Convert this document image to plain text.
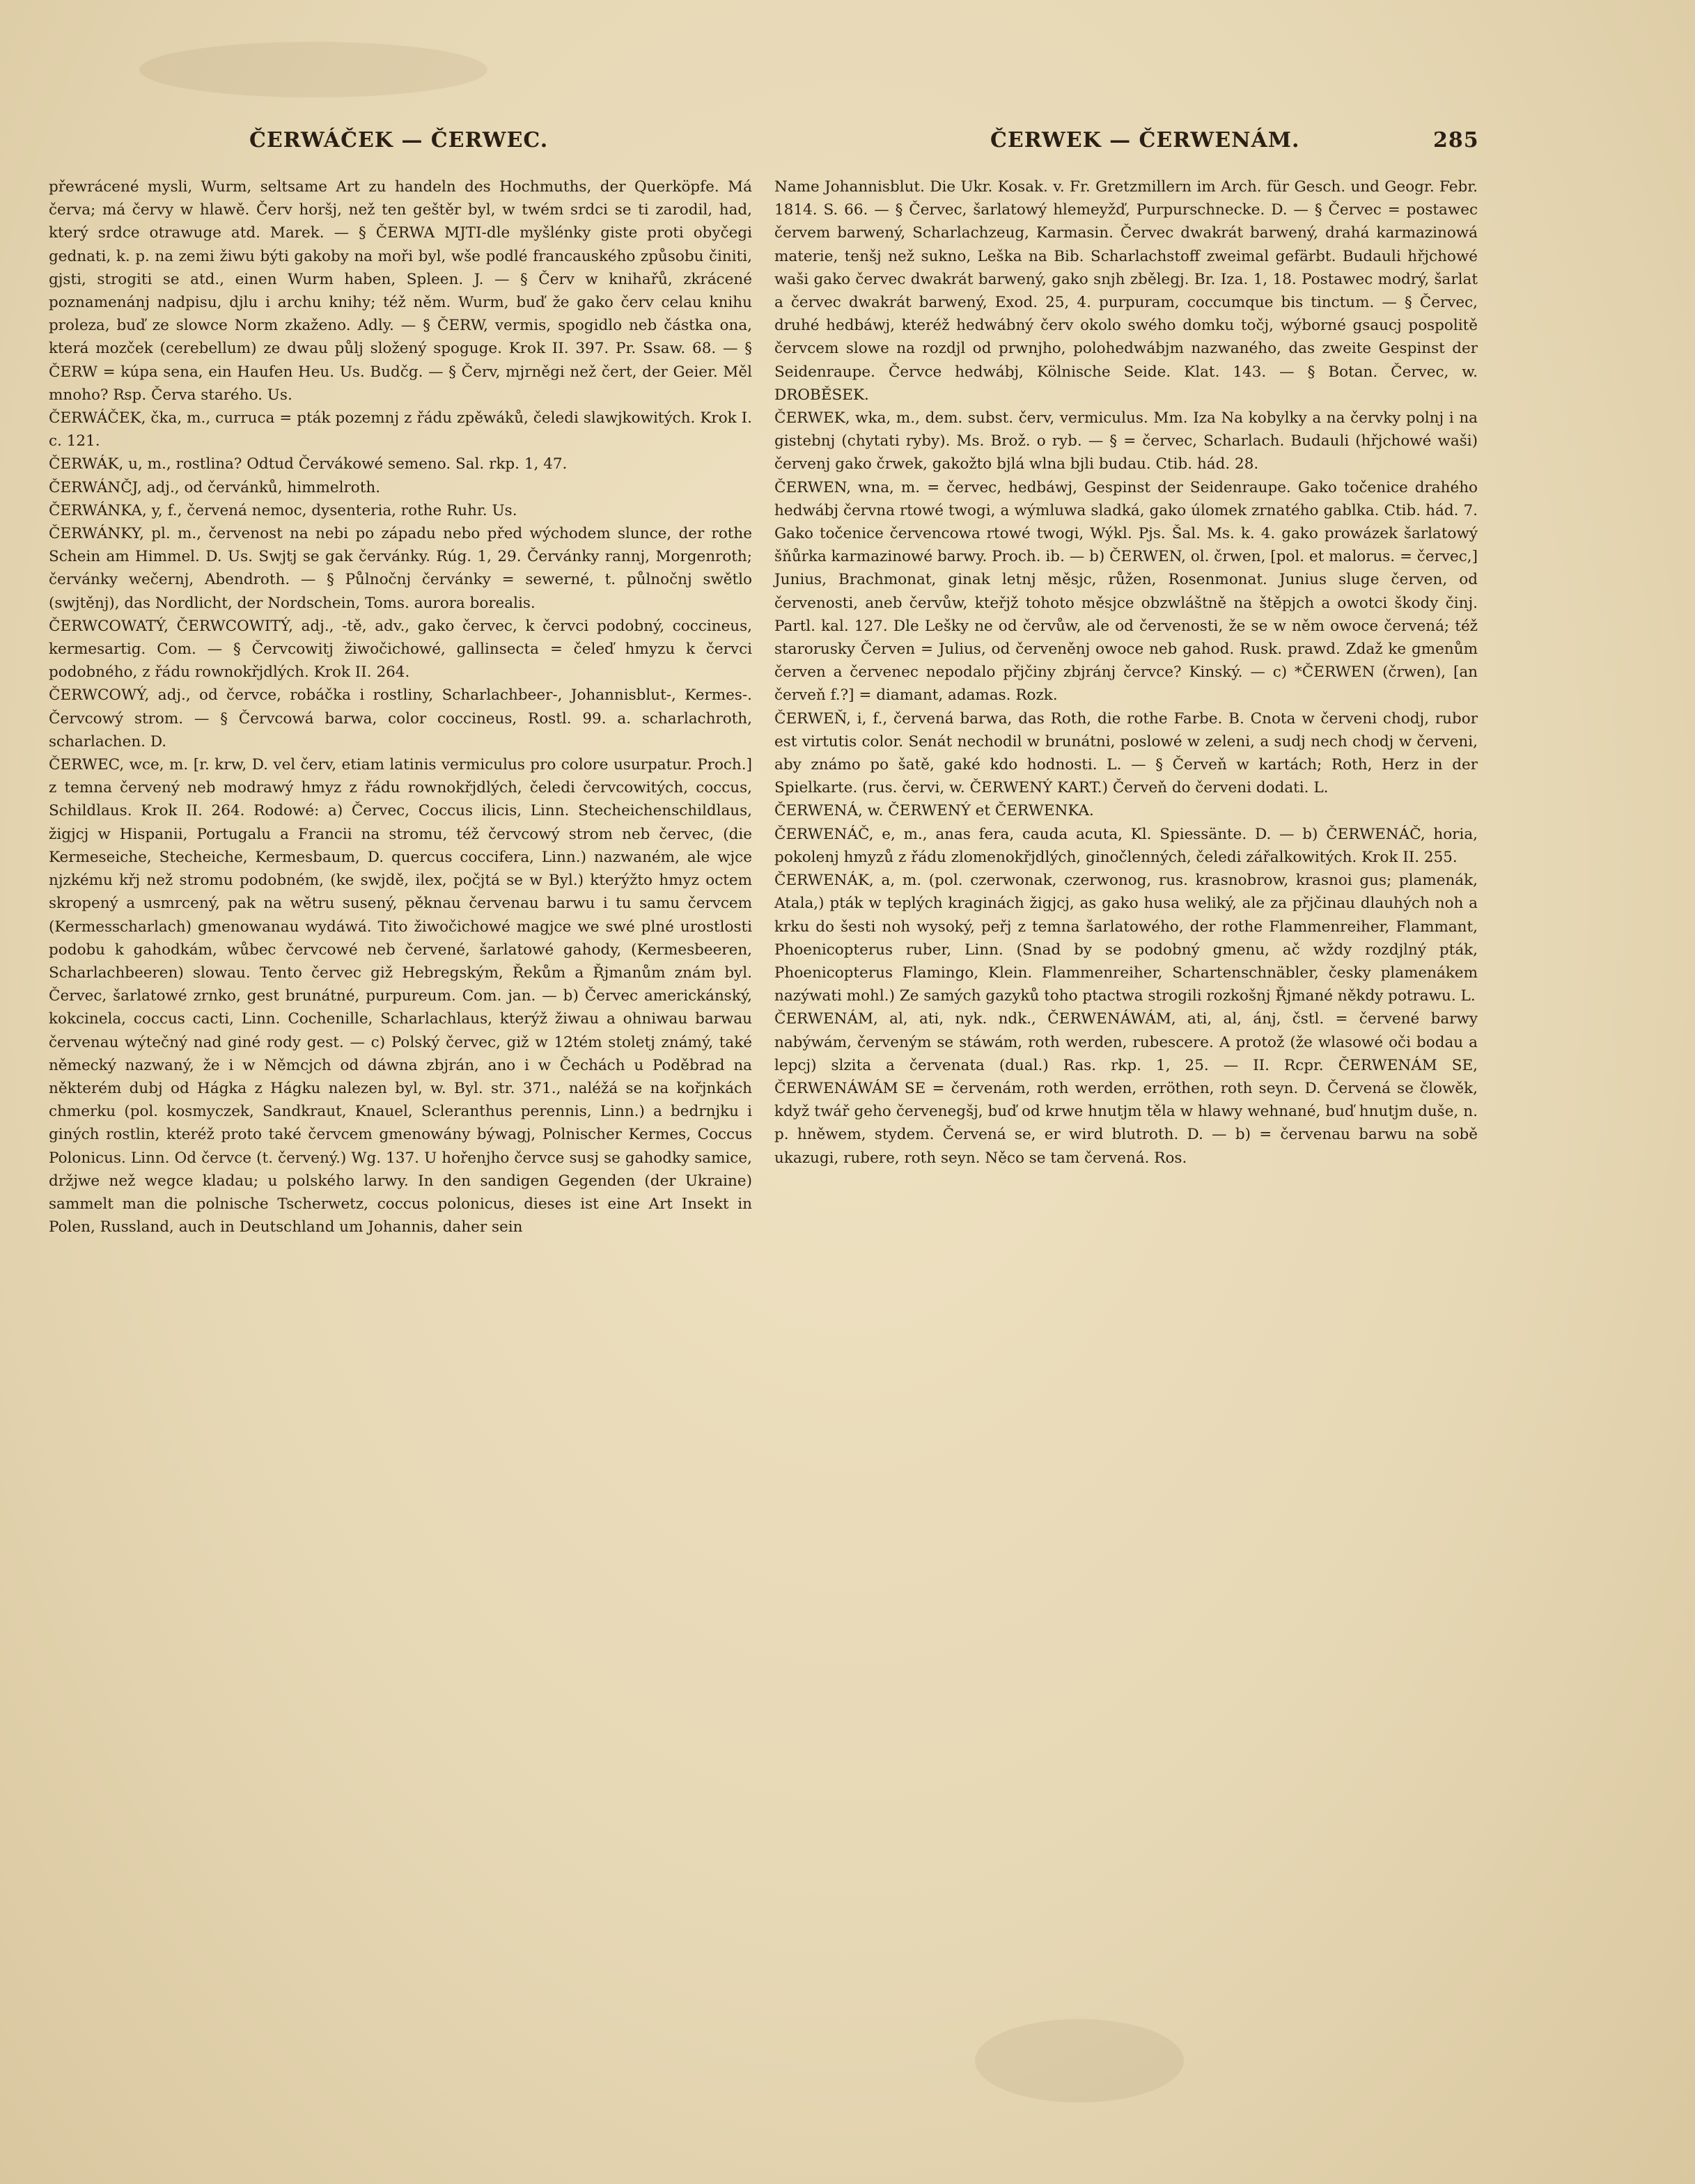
ČERWÁČEK — ČERWEC.	ČERWEK — ČERWENÁM.	285

přewrácené mysli, Wurm, seltsame Art zu handeln des Hochmuths, der Querköpfe. Má červa; má červy w hlawě. Červ horšj, než ten geštěr byl, w twém srdci se ti zarodil, had, který srdce otrawuge atd. Marek. — § ČERWA MJTI-dle myšlénky giste proti obyčegi gednati, k. p. na zemi žiwu býti gakoby na moři byl, wše podlé francauského způsobu činiti, gjsti, strogiti se atd., einen Wurm haben, Spleen. J. — § Červ w knihařů, zkrácené poznamenánj nadpisu, djlu i archu knihy; též něm. Wurm, buď že gako červ celau knihu proleza, buď ze slowce Norm zkaženo. Adly. — § ČERW, vermis, spogidlo neb částka ona, která mozček (cerebellum) ze dwau půlj složený spoguge. Krok II. 397. Pr. Ssaw. 68. — § ČERW = kúpa sena, ein Haufen Heu. Us. Budčg. — § Červ, mjrněgi než čert, der Geier. Měl mnoho? Rsp. Červa starého. Us.

ČERWÁČEK, čka, m., curruca = pták pozemnj z řádu zpěwáků, čeledi slawjkowitých. Krok I. c. 121.

ČERWÁK, u, m., rostlina? Odtud Červákowé semeno. Sal. rkp. 1, 47.

ČERWÁNČJ, adj., od červánků, himmelroth.

ČERWÁNKA, y, f., červená nemoc, dysenteria, rothe Ruhr. Us.

ČERWÁNKY, pl. m., červenost na nebi po západu nebo před wýchodem slunce, der rothe Schein am Himmel. D. Us. Swjtj se gak červánky. Rúg. 1, 29. Červánky rannj, Morgenroth; červánky wečernj, Abendroth. — § Půlnočnj červánky = sewerné, t. půlnočnj swětlo (swjtěnj), das Nordlicht, der Nordschein, Toms. aurora borealis.

ČERWCOWATÝ, ČERWCOWITÝ, adj., -tě, adv., gako červec, k červci podobný, coccineus, kermesartig. Com. — § Červcowitj žiwočichowé, gallinsecta = čeleď hmyzu k červci podobného, z řádu rownokřjdlých. Krok II. 264.

ČERWCOWÝ, adj., od červce, robáčka i rostliny, Scharlachbeer-, Johannisblut-, Kermes-. Červcowý strom. — § Červcowá barwa, color coccineus, Rostl. 99. a. scharlachroth, scharlachen. D.

ČERWEC, wce, m. [r. krw, D. vel červ, etiam latinis vermiculus pro colore usurpatur. Proch.] z temna červený neb modrawý hmyz z řádu rownokřjdlých, čeledi červcowitých, coccus, Schildlaus. Krok II. 264. Rodowé: a) Červec, Coccus ilicis, Linn. Stecheichenschildlaus, žigjcj w Hispanii, Portugalu a Francii na stromu, též červcowý strom neb červec, (die Kermeseiche, Stecheiche, Kermesbaum, D. quercus coccifera, Linn.) nazwaném, ale wjce njzkému křj než stromu podobném, (ke swjdě, ilex, počjtá se w Byl.) kterýžto hmyz octem skropený a usmrcený, pak na wětru susený, pěknau červenau barwu i tu samu červcem (Kermesscharlach) gmenowanau wydáwá. Tito žiwočichowé magjce we swé plné urostlosti podobu k gahodkám, wůbec červcowé neb červené, šarlatowé gahody, (Kermesbeeren, Scharlachbeeren) slowau. Tento červec giž Hebregským, Řekům a Řjmanům znám byl. Červec, šarlatowé zrnko, gest brunátné, purpureum. Com. jan. — b) Červec americkánský, kokcinela, coccus cacti, Linn. Cochenille, Scharlachlaus, kterýž žiwau a ohniwau barwau červenau wýtečný nad giné rody gest. — c) Polský červec, giž w 12tém stoletj známý, také německý nazwaný, že i w Němcjch od dáwna zbjrán, ano i w Čechách u Poděbrad na některém dubj od Hágka z Hágku nalezen byl, w. Byl. str. 371., naléžá se na kořjnkách chmerku (pol. kosmyczek, Sandkraut, Knauel, Scleranthus perennis, Linn.) a bedrnjku i giných rostlin, kteréž proto také červcem gmenowány býwagj, Polnischer Kermes, Coccus Polonicus. Linn. Od červce (t. červený.) Wg. 137. U hořenjho červce susj se gahodky samice, držjwe než wegce kladau; u polského larwy. In den sandigen Gegenden (der Ukraine) sammelt man die polnische Tscherwetz, coccus polonicus, dieses ist eine Art Insekt in Polen, Russland, auch in Deutschland um Johannis, daher sein

Name Johannisblut. Die Ukr. Kosak. v. Fr. Gretzmillern im Arch. für Gesch. und Geogr. Febr. 1814. S. 66. — § Červec, šarlatowý hlemeyžď, Purpurschnecke. D. — § Červec = postawec červem barwený, Scharlachzeug, Karmasin. Červec dwakrát barwený, drahá karmazinowá materie, tenšj než sukno, Leška na Bib. Scharlachstoff zweimal gefärbt. Budauli hřjchowé waši gako červec dwakrát barwený, gako snjh zbělegj. Br. Iza. 1, 18. Postawec modrý, šarlat a červec dwakrát barwený, Exod. 25, 4. purpuram, coccumque bis tinctum. — § Červec, druhé hedbáwj, kteréž hedwábný červ okolo swého domku točj, wýborné gsaucj pospolitě červcem slowe na rozdjl od prwnjho, polohedwábjm nazwaného, das zweite Gespinst der Seidenraupe. Červce hedwábj, Kölnische Seide. Klat. 143. — § Botan. Červec, w. DROBĚSEK.

ČERWEK, wka, m., dem. subst. červ, vermiculus. Mm. Iza Na kobylky a na červky polnj i na gistebnj (chytati ryby). Ms. Brož. o ryb. — § = červec, Scharlach. Budauli (hřjchowé waši) červenj gako črwek, gakožto bjlá wlna bjli budau. Ctib. hád. 28.

ČERWEN, wna, m. = červec, hedbáwj, Gespinst der Seidenraupe. Gako točenice drahého hedwábj června rtowé twogi, a wýmluwa sladká, gako úlomek zrnatého gablka. Ctib. hád. 7. Gako točenice červencowa rtowé twogi, Wýkl. Pjs. Šal. Ms. k. 4. gako prowázek šarlatowý šňůrka karmazinowé barwy. Proch. ib. — b) ČERWEN, ol. črwen, [pol. et malorus. = červec,] Junius, Brachmonat, ginak letnj měsjc, růžen, Rosenmonat. Junius sluge červen, od červenosti, aneb červůw, kteřjž tohoto měsjce obzwláštně na štěpjch a owotci škody činj. Partl. kal. 127. Dle Lešky ne od červůw, ale od červenosti, že se w něm owoce červená; též starorusky Červen = Julius, od červeněnj owoce neb gahod. Rusk. prawd. Zdaž ke gmenům červen a červenec nepodalo přjčiny zbjránj červce? Kinský. — c) *ČERWEN (črwen), [an červeň f.?] = diamant, adamas. Rozk.

ČERWEŇ, i, f., červená barwa, das Roth, die rothe Farbe. B. Cnota w červeni chodj, rubor est virtutis color. Senát nechodil w brunátni, poslowé w zeleni, a sudj nech chodj w červeni, aby známo po šatě, gaké kdo hodnosti. L. — § Červeň w kartách; Roth, Herz in der Spielkarte. (rus. červi, w. ČERWENÝ KART.) Červeň do červeni dodati. L.

ČERWENÁ, w. ČERWENÝ et ČERWENKA.

ČERWENÁČ, e, m., anas fera, cauda acuta, Kl. Spiessänte. D. — b) ČERWENÁČ, horia, pokolenj hmyzů z řádu zlomenokřjdlých, ginočlenných, čeledi zářalkowitých. Krok II. 255.

ČERWENÁK, a, m. (pol. czerwonak, czerwonog, rus. krasnobrow, krasnoi gus; plamenák, Atala,) pták w teplých kraginách žigjcj, as gako husa weliký, ale za přjčinau dlauhých noh a krku do šesti noh wysoký, peřj z temna šarlatowého, der rothe Flammenreiher, Flammant, Phoenicopterus ruber, Linn. (Snad by se podobný gmenu, ač wždy rozdjlný pták, Phoenicopterus Flamingo, Klein. Flammenreiher, Schartenschnäbler, česky plamenákem nazýwati mohl.) Ze samých gazyků toho ptactwa strogili rozkošnj Řjmané někdy potrawu. L.

ČERWENÁM, al, ati, nyk. ndk., ČERWENÁWÁM, ati, al, ánj, čstl. = červené barwy nabýwám, červeným se stáwám, roth werden, rubescere. A protož (že wlasowé oči bodau a lepcj) slzita a červenata (dual.) Ras. rkp. 1, 25. — II. Rcpr. ČERWENÁM SE, ČERWENÁWÁM SE = červenám, roth werden, erröthen, roth seyn. D. Červená se člowěk, když twář geho červenegšj, buď od krwe hnutjm těla w hlawy wehnané, buď hnutjm duše, n. p. hněwem, stydem. Červená se, er wird blutroth. D. — b) = červenau barwu na sobě ukazugi, rubere, roth seyn. Něco se tam červená. Ros.
